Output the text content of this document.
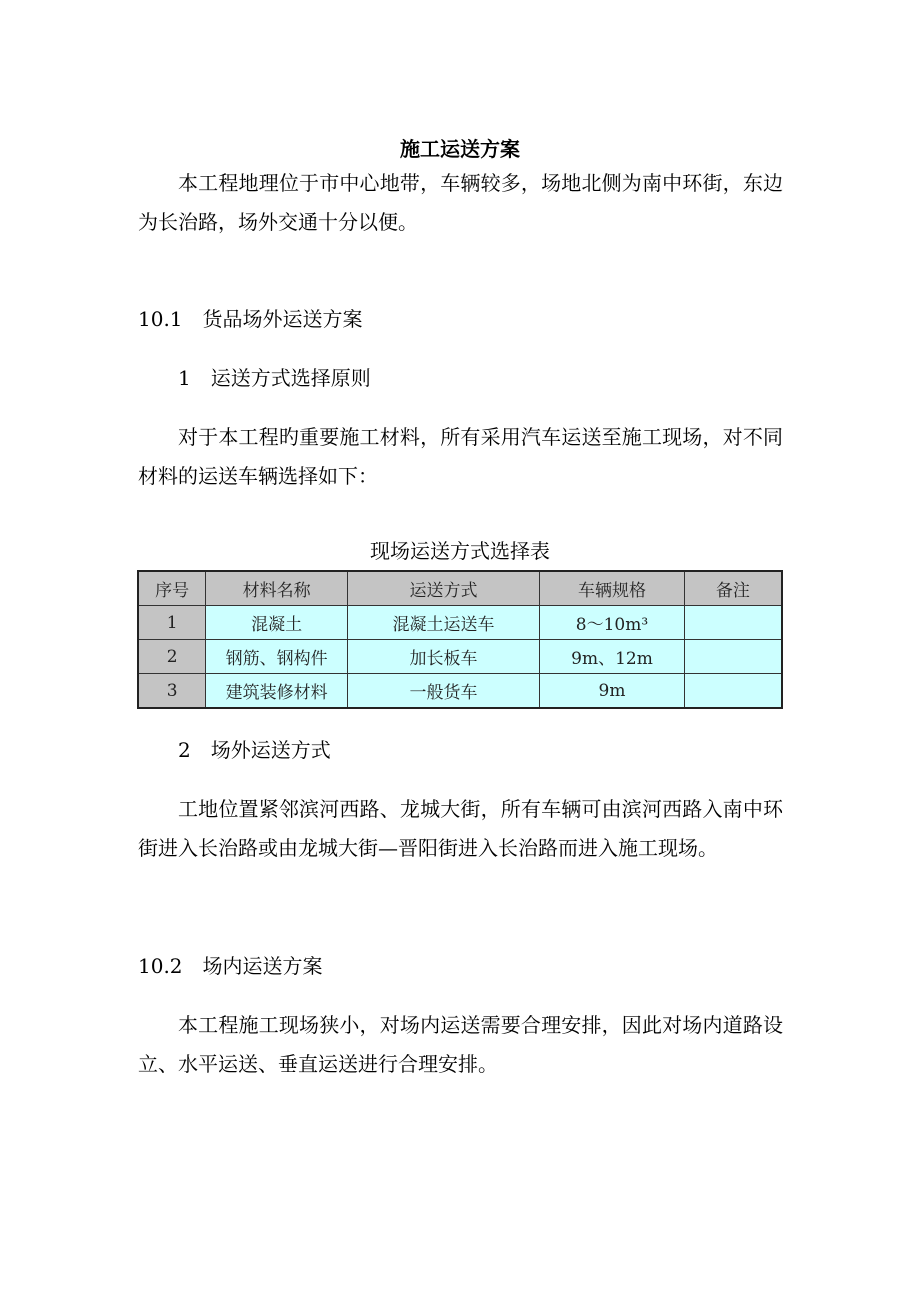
施工运送方案
本工程地理位于市中心地带，车辆较多，场地北侧为南中环街，东边为长治路，场外交通十分以便。
10.1　货品场外运送方案
1　运送方式选择原则
对于本工程旳重要施工材料，所有采用汽车运送至施工现场，对不同材料的运送车辆选择如下：
现场运送方式选择表
序号	材料名称	运送方式	车辆规格	备注
1	混凝土	混凝土运送车	8～10m³	
2	钢筋、钢构件	加长板车	9m、12m	
3	建筑装修材料	一般货车	9m	
2　场外运送方式
工地位置紧邻滨河西路、龙城大街，所有车辆可由滨河西路入南中环街进入长治路或由龙城大街—晋阳街进入长治路而进入施工现场。
10.2　场内运送方案
本工程施工现场狭小，对场内运送需要合理安排，因此对场内道路设立、水平运送、垂直运送进行合理安排。
